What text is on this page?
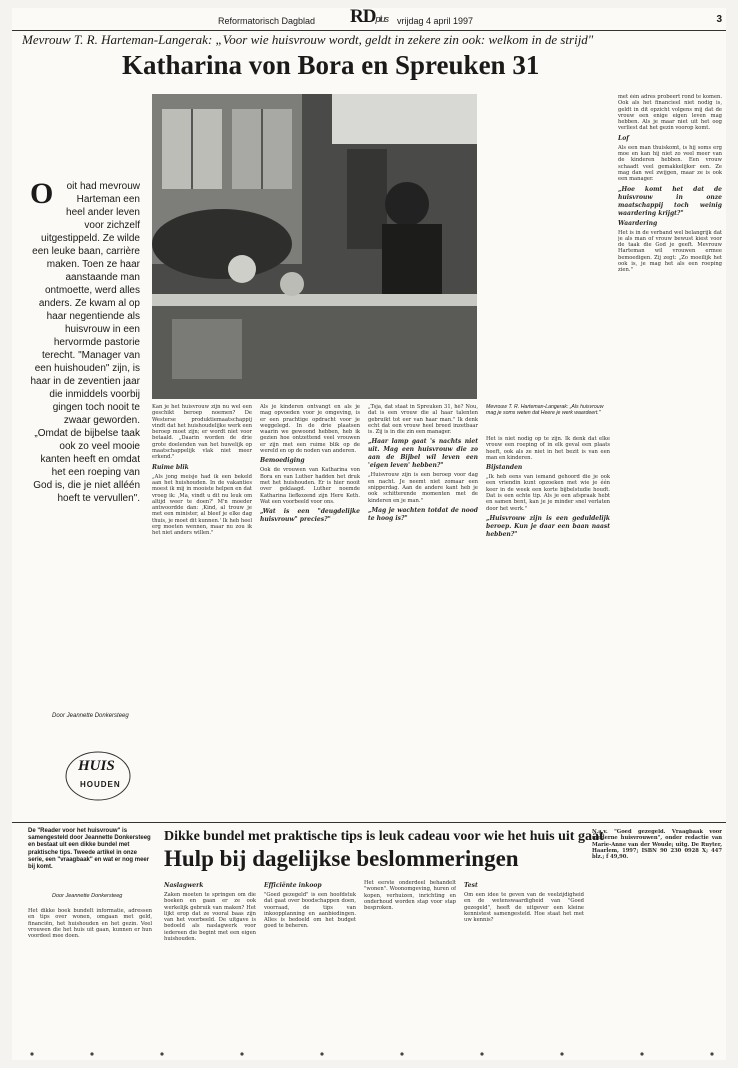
Reformatorisch Dagblad RDplus vrijdag 4 april 1997	3
Mevrouw T. R. Harteman-Langerak: „Voor wie huisvrouw wordt, geldt in zekere zin ook: welkom in de strijd"
Katharina von Bora en Spreuken 31
O oit had mevrouw Harteman een heel ander leven voor zichzelf uitgestippeld. Ze wilde een leuke baan, carrière maken. Toen ze haar aanstaande man ontmoette, werd alles anders. Ze kwam al op haar negentiende als huisvrouw in een hervormde pastorie terecht. "Manager van een huishouden" zijn, is haar in de zeventien jaar die inmiddels voorbij gingen toch nooit te zwaar geworden. „Omdat de bijbelse taak ook zo veel mooie kanten heeft en omdat het een roeping van God is, die je niet alléén hoeft te vervullen".
Door Jeannette Donkersteeg
HUIS
HOUDEN

Kan je het huisvrouw zijn nu wel een geschikt beroep noemen? De Westerse produktiemaatschappij vindt dat het huishoudelijke werk een beroep moet zijn; er wordt niet voor betaald. „Daarin worden de drie grote doelenden van het huwelijk op maatschappelijk vlak niet meer erkend."

Ruime blik

„Als jong meisje had ik een bekeld aan het huishouden. In de vakanties moest ik mij in mooiste helpen en dat vroeg ik: ,Ma, vindt u dit nu leuk om altijd weer te doen?' M'n moeder antwoordde dan: ,Kind, al trouw je met een minister, al bleef je elke dag thuis, je moet dit kunnen.' Ik heb heel erg moeten wennen, maar nu zou ik het niet anders willen."

Als je kinderen ontvangt en als je mag opvoeden voor je omgeving, is er een prachtige opdracht voor je weggelegd. In de drie plaatsen waarin we gewoond hebben, heb ik gezien hoe ontzettend veel vrouwen er zijn met een ruime blik op de wereld en op de noden van anderen.

Bemoediging

Ook de vrouwen van Katharina von Bora en van Luther hadden het druk met het huishouden. Er is hier nooit over geklaagd. Luther noemde Katharina liefkozend zijn Here Keth. Wat een voorbeeld voor ons.

„Wat is een "deugdelijke huisvrouw" precies?"

„Tsja, dat staat in Spreuken 31, hè? Nou, dat is een vrouw die al haar talenten gebruikt tot eer van haar man." Ik denk echt dat een vrouw heel breed inzetbaar is. Zij is in die zin een manager.

„Haar lamp gaat 's nachts niet uit. Mag een huisvrouw die zo aan de Bijbel wil leven een 'eigen leven' hebben?"

„Huisvrouw zijn is een beroep voor dag en nacht. Je neemt niet zomaar een snipperdag. Aan de andere kant heb je ook schitterende momenten met de kinderen en je man."

„Mag je wachten totdat de nood te hoog is?"
Mevrouw T. R. Harteman-Langerak: „Als huisvrouw mag je soms weten dat Heere je werk waardeert."

Het is niet nodig op te zijn. Ik denk dat elke vrouw een roeping of in elk geval een plaats heeft, ook als ze niet in het bezit is van een man en kinderen.

Bijstanden

„Ik heb eens van iemand gehoord die je ook een vriendin kunt opzoeken met wie je één keer in de week een korte bijbelstudie houdt. Dat is een echte tip. Als je een afspraak hebt en samen bent, kan je je minder snel verlaten door het werk."

„Huisvrouw zijn is een geduldelijk beroep. Kun je daar een baan naast hebben?"

met één adres probeert rond te komen. Ook als het financieel niet nodig is, geldt in dit opzicht volgens mij dat de vrouw een enige eigen leven mag hebben. Als je maar niet uit het oog verliest dat het gezin voorop komt.

Lof

Als een man thuiskomt, is hij soms erg moe en kan hij niet zo veel meer van de kinderen hebben. Een vrouw schaadt veel gemakkelijker een. Ze mag dan wel zwijgen, maar ze is ook een manager.

„Hoe komt het dat de huisvrouw in onze maatschappij toch weinig waardering krijgt?"
Waardering

Het is in de verband wel belangrijk dat je als man of vrouw bewust kiest voor de taak die God je geeft. Mevrouw Harteman wil vrouwen ermee bemoedigen. Zij zegt: „Zo moeilijk het ook is, je mag het als een roeping zien."

De "Reader voor het huisvrouw" is samengesteld door Jeannette Donkersteeg en bestaat uit een dikke bundel met praktische tips. Tweede artikel in onze serie, een "vraagbaak" en wat er nog meer bij komt.
Door Jeannette Donkersteeg
Dikke bundel met praktische tips is leuk cadeau voor wie het huis uit gaat
Hulp bij dagelijkse beslommeringen

Het dikke boek bundelt informatie, adressen en tips over wonen, omgaan met geld, financiën, het huishouden en het gezin. Veel vrouwen die het huis uit gaan, kunnen er hun voordeel mee doen.

Naslagwerk

Zaken moeten te springen om die boeken en gaan er ze ook werkelijk gebruik van maken? Het lijkt erop dat ze vooral baas zijn van het voorbeeld. De uitgave is bedoeld als naslagwerk voor iedereen die begint met een eigen huishouden.

Efficiënte inkoop

"Goed gezegeld" is een hoofdstuk dat gaat over boodschappen doen, voorraad, de tips van inkoopplanning en aanbiedingen. Alles is bedoeld om het budget goed te beheren.

Het eerste onderdeel behandelt "wonen". Woonomgeving, huren of kopen, verhuizen, inrichting en onderhoud worden stap voor stap besproken.

Test

Om een idee te geven van de veelzijdigheid en de wetenswaardigheid van "Goed gezegeld", heeft de uitgever een kleine kennistest samengesteld. Hoe staat het met uw kennis?

N.a.v. "Goed gezegeld. Vraagbaak voor moderne huisvrouwen", onder redactie van Marie-Anne van der Woude; uitg. De Ruyter, Haarlem, 1997; ISBN 90 230 0928 X; 447 blz.; f 49,90.
